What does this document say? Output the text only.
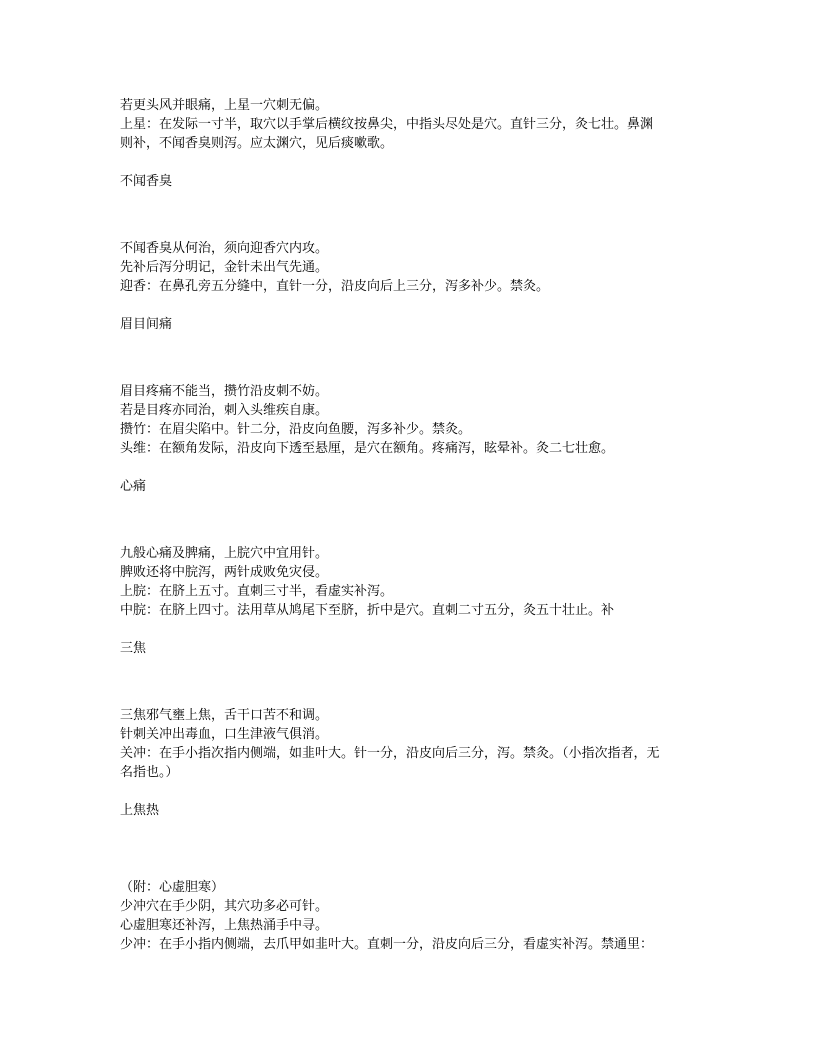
若更头风并眼痛，上星一穴刺无偏。
上星：在发际一寸半，取穴以手掌后横纹按鼻尖，中指头尽处是穴。直针三分，灸七壮。鼻渊
则补，不闻香臭则泻。应太渊穴，见后痰嗽歌。
不闻香臭
不闻香臭从何治，须向迎香穴内攻。
先补后泻分明记，金针未出气先通。
迎香：在鼻孔旁五分缝中，直针一分，沿皮向后上三分，泻多补少。禁灸。
眉目间痛
眉目疼痛不能当，攒竹沿皮刺不妨。
若是目疼亦同治，刺入头维疾自康。
攒竹：在眉尖陷中。针二分，沿皮向鱼腰，泻多补少。禁灸。
头维：在额角发际，沿皮向下透至悬厘，是穴在额角。疼痛泻，眩晕补。灸二七壮愈。
心痛
九般心痛及脾痛，上脘穴中宜用针。
脾败还将中脘泻，两针成败免灾侵。
上脘：在脐上五寸。直刺三寸半，看虚实补泻。
中脘：在脐上四寸。法用草从鸠尾下至脐，折中是穴。直刺二寸五分，灸五十壮止。补
三焦
三焦邪气壅上焦，舌干口苦不和调。
针刺关冲出毒血，口生津液气俱消。
关冲：在手小指次指内侧端，如韭叶大。针一分，沿皮向后三分，泻。禁灸。（小指次指者，无
名指也。）
上焦热
（附：心虚胆寒）
少冲穴在手少阴，其穴功多必可针。
心虚胆寒还补泻，上焦热涌手中寻。
少冲：在手小指内侧端，去爪甲如韭叶大。直刺一分，沿皮向后三分，看虚实补泻。禁通里：
